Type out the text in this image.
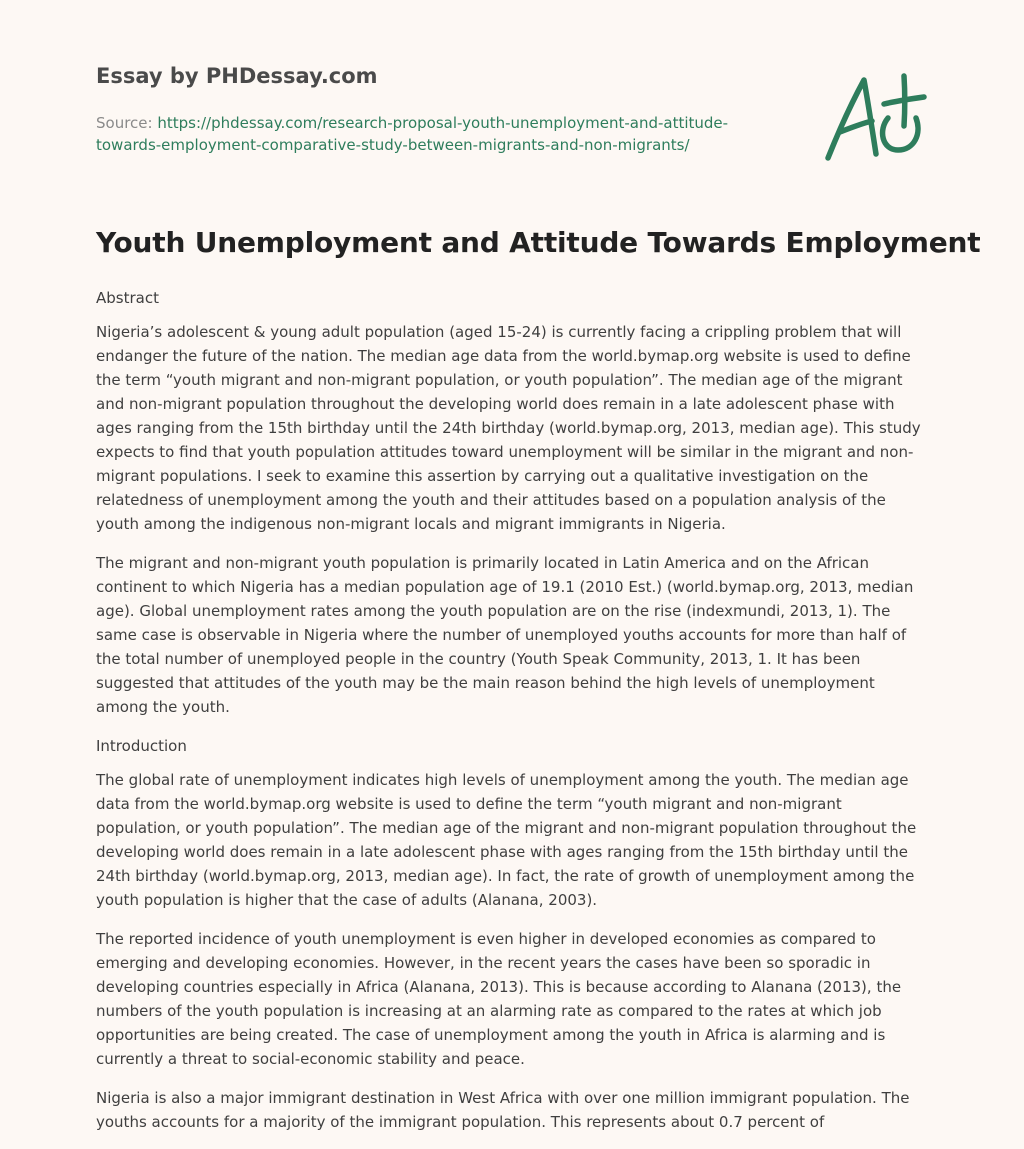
Essay by PHDessay.com
Source: https://phdessay.com/research-proposal-youth-unemployment-and-attitude-towards-employment-comparative-study-between-migrants-and-non-migrants/
Youth Unemployment and Attitude Towards Employment

Abstract

Nigeria’s adolescent & young adult population (aged 15-24) is currently facing a crippling problem that will endanger the future of the nation. The median age data from the world.bymap.org website is used to define the term “youth migrant and non-migrant population, or youth population”. The median age of the migrant and non-migrant population throughout the developing world does remain in a late adolescent phase with ages ranging from the 15th birthday until the 24th birthday (world.bymap.org, 2013, median age). This study expects to find that youth population attitudes toward unemployment will be similar in the migrant and non-migrant populations. I seek to examine this assertion by carrying out a qualitative investigation on the relatedness of unemployment among the youth and their attitudes based on a population analysis of the youth among the indigenous non-migrant locals and migrant immigrants in Nigeria.

The migrant and non-migrant youth population is primarily located in Latin America and on the African continent to which Nigeria has a median population age of 19.1 (2010 Est.) (world.bymap.org, 2013, median age). Global unemployment rates among the youth population are on the rise (indexmundi, 2013, 1). The same case is observable in Nigeria where the number of unemployed youths accounts for more than half of the total number of unemployed people in the country (Youth Speak Community, 2013, 1. It has been suggested that attitudes of the youth may be the main reason behind the high levels of unemployment among the youth.

Introduction

The global rate of unemployment indicates high levels of unemployment among the youth. The median age data from the world.bymap.org website is used to define the term “youth migrant and non-migrant population, or youth population”. The median age of the migrant and non-migrant population throughout the developing world does remain in a late adolescent phase with ages ranging from the 15th birthday until the 24th birthday (world.bymap.org, 2013, median age). In fact, the rate of growth of unemployment among the youth population is higher that the case of adults (Alanana, 2003).

The reported incidence of youth unemployment is even higher in developed economies as compared to emerging and developing economies. However, in the recent years the cases have been so sporadic in developing countries especially in Africa (Alanana, 2013). This is because according to Alanana (2013), the numbers of the youth population is increasing at an alarming rate as compared to the rates at which job opportunities are being created. The case of unemployment among the youth in Africa is alarming and is currently a threat to social-economic stability and peace.

Nigeria is also a major immigrant destination in West Africa with over one million immigrant population. The youths accounts for a majority of the immigrant population. This represents about 0.7 percent of
